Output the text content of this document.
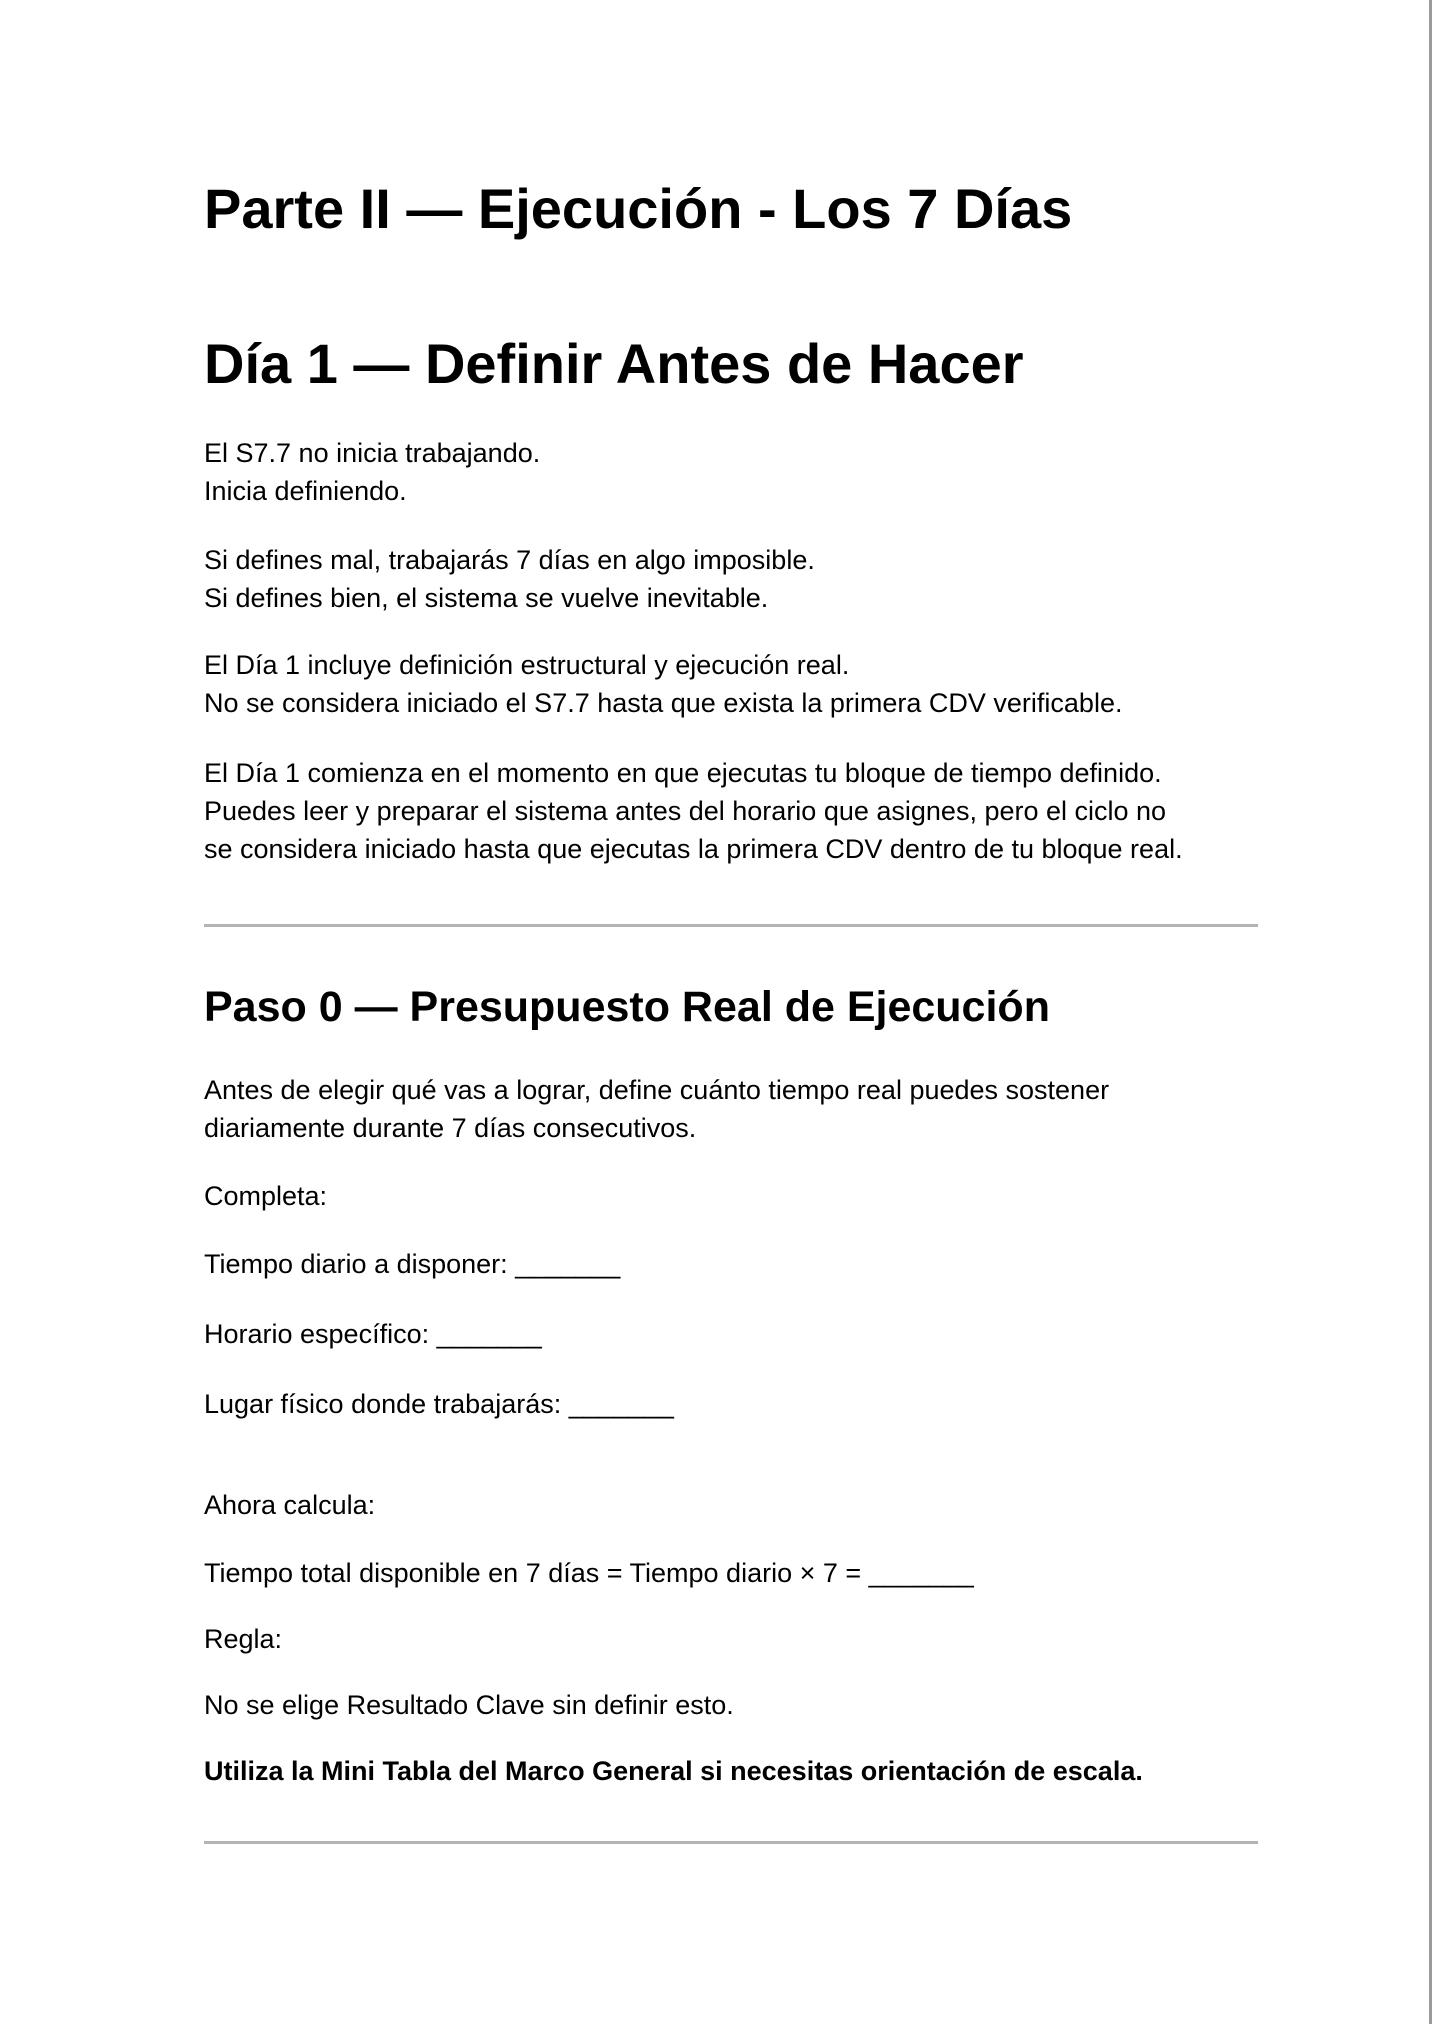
Parte II — Ejecución - Los 7 Días
Día 1 — Definir Antes de Hacer

El S7.7 no inicia trabajando.
Inicia definiendo.

Si defines mal, trabajarás 7 días en algo imposible.
Si defines bien, el sistema se vuelve inevitable.

El Día 1 incluye definición estructural y ejecución real.
No se considera iniciado el S7.7 hasta que exista la primera CDV verificable.

El Día 1 comienza en el momento en que ejecutas tu bloque de tiempo definido.
Puedes leer y preparar el sistema antes del horario que asignes, pero el ciclo no
se considera iniciado hasta que ejecutas la primera CDV dentro de tu bloque real.

Paso 0 — Presupuesto Real de Ejecución

Antes de elegir qué vas a lograr, define cuánto tiempo real puedes sostener
diariamente durante 7 días consecutivos.

Completa:

Tiempo diario a disponer: _______

Horario específico: _______

Lugar físico donde trabajarás: _______

Ahora calcula:

Tiempo total disponible en 7 días = Tiempo diario × 7 = _______

Regla:

No se elige Resultado Clave sin definir esto.

Utiliza la Mini Tabla del Marco General si necesitas orientación de escala.
